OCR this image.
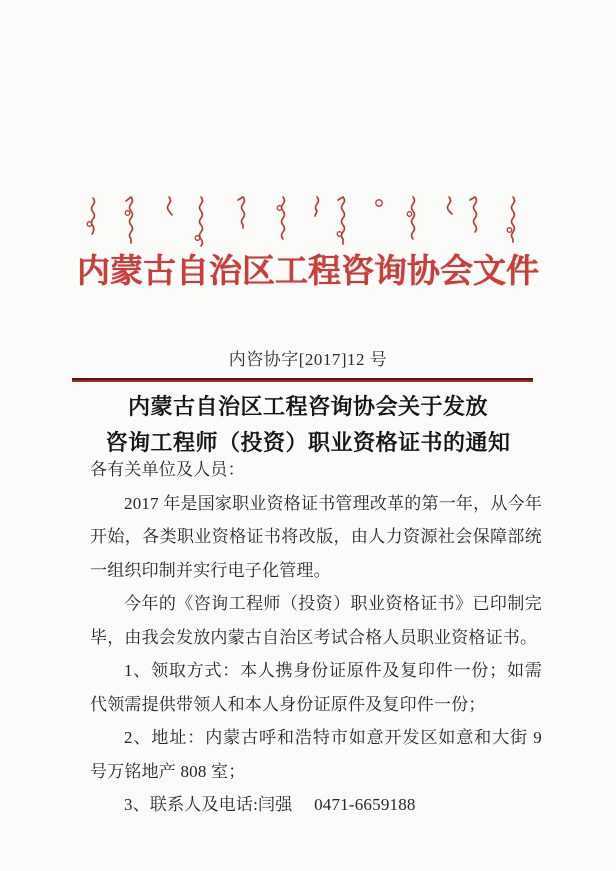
内蒙古自治区工程咨询协会文件
内咨协字[2017]12 号
内蒙古自治区工程咨询协会关于发放
咨询工程师（投资）职业资格证书的通知
各有关单位及人员：
2017 年是国家职业资格证书管理改革的第一年，从今年
开始，各类职业资格证书将改版，由人力资源社会保障部统
一组织印制并实行电子化管理。
今年的《咨询工程师（投资）职业资格证书》已印制完
毕，由我会发放内蒙古自治区考试合格人员职业资格证书。
1、领取方式：本人携身份证原件及复印件一份；如需
代领需提供带领人和本人身份证原件及复印件一份；
2、地址：内蒙古呼和浩特市如意开发区如意和大街 9
号万铭地产 808 室；
3、联系人及电话:闫强　 0471-6659188
